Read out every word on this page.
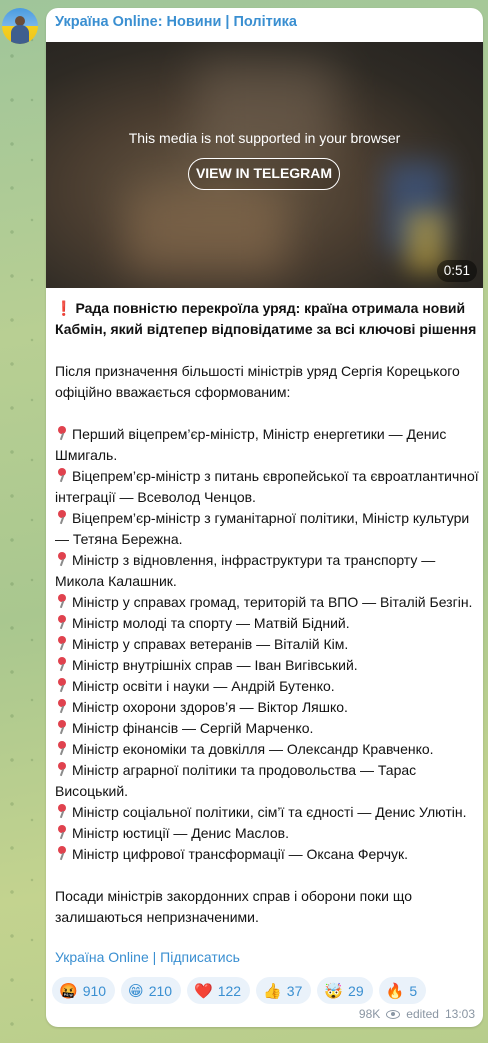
Україна Online: Новини | Політика
This media is not supported in your browser
VIEW IN TELEGRAM
0:51

❗ Рада повністю перекроїла уряд: країна отримала новий Кабмін, який відтепер відповідатиме за всі ключові рішення

Після призначення більшості міністрів уряд Сергія Корецького офіційно вважається сформованим:

Перший віцепрем’єр-міністр, Міністр енергетики — Денис Шмигаль.

Віцепрем’єр-міністр з питань європейської та євроатлантичної інтеграції — Всеволод Ченцов.

Віцепрем’єр-міністр з гуманітарної політики, Міністр культури — Тетяна Бережна.

Міністр з відновлення, інфраструктури та транспорту — Микола Калашник.

Міністр у справах громад, територій та ВПО — Віталій Безгін.

Міністр молоді та спорту — Матвій Бідний.

Міністр у справах ветеранів — Віталій Кім.

Міністр внутрішніх справ — Іван Вигівський.

Міністр освіти і науки — Андрій Бутенко.

Міністр охорони здоров’я — Віктор Ляшко.

Міністр фінансів — Сергій Марченко.

Міністр економіки та довкілля — Олександр Кравченко.

Міністр аграрної політики та продовольства — Тарас Висоцький.

Міністр соціальної політики, сім’ї та єдності — Денис Улютін.

Міністр юстиції — Денис Маслов.

Міністр цифрової трансформації — Оксана Ферчук.

Посади міністрів закордонних справ і оборони поки що залишаються непризначеними.

Україна Online | Підписатись
🤬 910 😁 210 ❤️ 122 👍 37 🤯 29 🔥 5
98K edited 13:03
